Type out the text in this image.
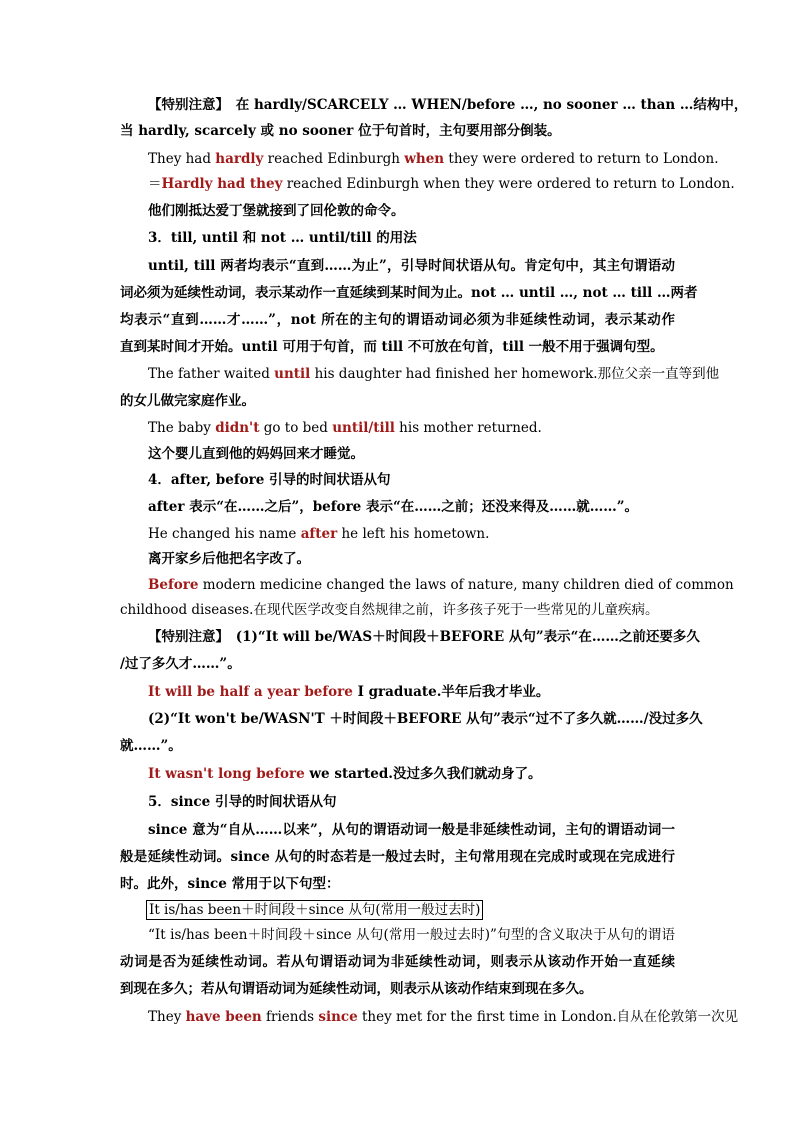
【特别注意】　在 hardly/SCARCELY … WHEN/before …, no sooner … than …结构中，
当 hardly, scarcely 或 no sooner 位于句首时，主句要用部分倒装。
They had hardly reached Edinburgh when they were ordered to return to London.
＝Hardly had they reached Edinburgh when they were ordered to return to London.
他们刚抵达爱丁堡就接到了回伦敦的命令。
3．till, until 和 not … until/till 的用法
until, till 两者均表示“直到……为止”，引导时间状语从句。肯定句中，其主句谓语动
词必须为延续性动词，表示某动作一直延续到某时间为止。not … until …, not … till …两者
均表示“直到……才……”，not 所在的主句的谓语动词必须为非延续性动词，表示某动作
直到某时间才开始。until 可用于句首，而 till 不可放在句首，till 一般不用于强调句型。
The father waited until his daughter had finished her homework.那位父亲一直等到他
的女儿做完家庭作业。
The baby didn't go to bed until/till his mother returned.
这个婴儿直到他的妈妈回来才睡觉。
4．after, before 引导的时间状语从句
after 表示“在……之后”，before 表示“在……之前；还没来得及……就……”。
He changed his name after he left his hometown.
离开家乡后他把名字改了。
Before modern medicine changed the laws of nature, many children died of common
childhood diseases.在现代医学改变自然规律之前，许多孩子死于一些常见的儿童疾病。
【特别注意】　(1)“It will be/WAS＋时间段＋BEFORE 从句”表示“在……之前还要多久
/过了多久才……”。
It will be half a year before I graduate.半年后我才毕业。
(2)“It won't be/WASN'T ＋时间段＋BEFORE 从句”表示“过不了多久就……/没过多久
就……”。
It wasn't long before we started.没过多久我们就动身了。
5．since 引导的时间状语从句
since 意为“自从……以来”，从句的谓语动词一般是非延续性动词，主句的谓语动词一
般是延续性动词。since 从句的时态若是一般过去时，主句常用现在完成时或现在完成进行
时。此外，since 常用于以下句型：
It is/has been＋时间段＋since 从句(常用一般过去时)
“It is/has been＋时间段＋since 从句(常用一般过去时)”句型的含义取决于从句的谓语
动词是否为延续性动词。若从句谓语动词为非延续性动词，则表示从该动作开始一直延续
到现在多久；若从句谓语动词为延续性动词，则表示从该动作结束到现在多久。
They have been friends since they met for the first time in London.自从在伦敦第一次见
